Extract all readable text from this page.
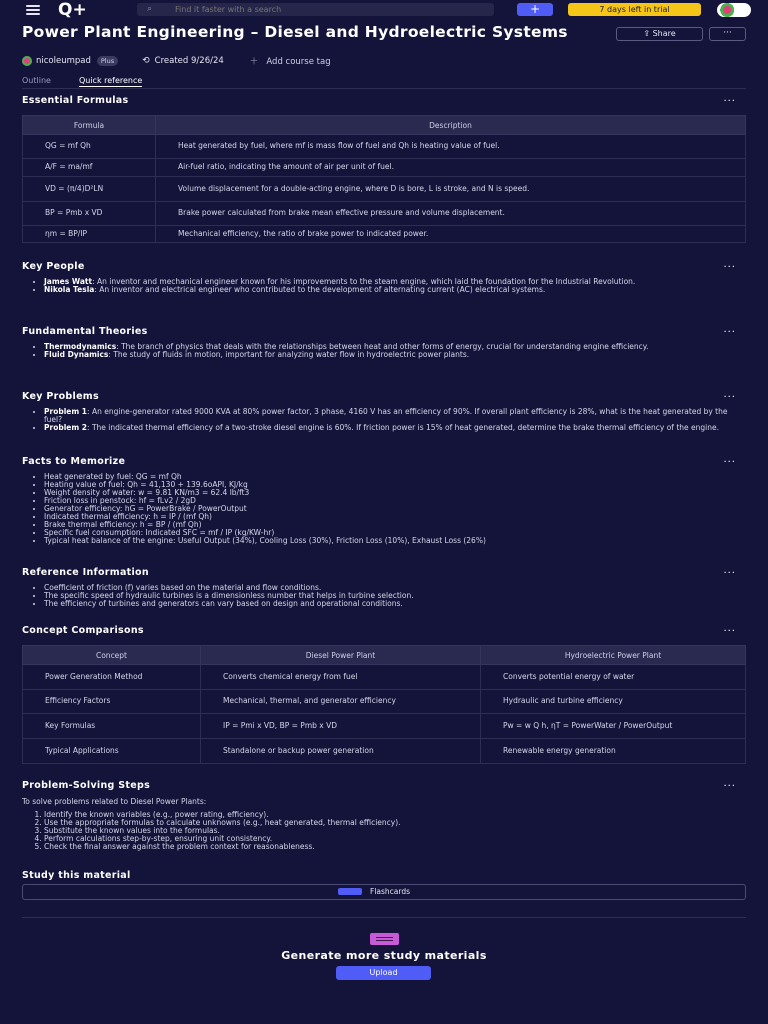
Q+	⌕
Find it faster with a search	+	7 days left in trial
Power Plant Engineering – Diesel and Hydroelectric Systems	⇪ Share	···
nicoleumpad	Plus	⟲ Created 9/26/24	＋   Add course tag
Outline	Quick reference
Essential Formulas	···
Formula	Description
QG = mf Qh	Heat generated by fuel, where mf is mass flow of fuel and Qh is heating value of fuel.
A/F = ma/mf	Air-fuel ratio, indicating the amount of air per unit of fuel.
VD = (π/4)D²LN	Volume displacement for a double-acting engine, where D is bore, L is stroke, and N is speed.
BP = Pmb x VD	Brake power calculated from brake mean effective pressure and volume displacement.
ηm = BP/IP	Mechanical efficiency, the ratio of brake power to indicated power.
Key People	···
• James Watt: An inventor and mechanical engineer known for his improvements to the steam engine, which laid the foundation for the Industrial Revolution.
• Nikola Tesla: An inventor and electrical engineer who contributed to the development of alternating current (AC) electrical systems.
Fundamental Theories	···
• Thermodynamics: The branch of physics that deals with the relationships between heat and other forms of energy, crucial for understanding engine efficiency.
• Fluid Dynamics: The study of fluids in motion, important for analyzing water flow in hydroelectric power plants.
Key Problems	···
• Problem 1: An engine-generator rated 9000 KVA at 80% power factor, 3 phase, 4160 V has an efficiency of 90%. If overall plant efficiency is 28%, what is the heat generated by the fuel?
• Problem 2: The indicated thermal efficiency of a two-stroke diesel engine is 60%. If friction power is 15% of heat generated, determine the brake thermal efficiency of the engine.
Facts to Memorize	···
• Heat generated by fuel: QG = mf Qh
• Heating value of fuel: Qh = 41,130 + 139.6oAPI, KJ/kg
• Weight density of water: w = 9.81 KN/m3 = 62.4 lb/ft3
• Friction loss in penstock: hf = fLv2 / 2gD
• Generator efficiency: hG = PowerBrake / PowerOutput
• Indicated thermal efficiency: h = IP / (mf Qh)
• Brake thermal efficiency: h = BP / (mf Qh)
• Specific fuel consumption: Indicated SFC = mf / IP (kg/KW-hr)
• Typical heat balance of the engine: Useful Output (34%), Cooling Loss (30%), Friction Loss (10%), Exhaust Loss (26%)
Reference Information	···
• Coefficient of friction (f) varies based on the material and flow conditions.
• The specific speed of hydraulic turbines is a dimensionless number that helps in turbine selection.
• The efficiency of turbines and generators can vary based on design and operational conditions.
Concept Comparisons	···
Concept	Diesel Power Plant	Hydroelectric Power Plant
Power Generation Method	Converts chemical energy from fuel	Converts potential energy of water
Efficiency Factors	Mechanical, thermal, and generator efficiency	Hydraulic and turbine efficiency
Key Formulas	IP = Pmi x VD, BP = Pmb x VD	Pw = w Q h, ηT = PowerWater / PowerOutput
Typical Applications	Standalone or backup power generation	Renewable energy generation
Problem-Solving Steps	···

To solve problems related to Diesel Power Plants:

1. Identify the known variables (e.g., power rating, efficiency).
2. Use the appropriate formulas to calculate unknowns (e.g., heat generated, thermal efficiency).
3. Substitute the known values into the formulas.
4. Perform calculations step-by-step, ensuring unit consistency.
5. Check the final answer against the problem context for reasonableness.
Study this material
Flashcards
Generate more study materials
Upload
